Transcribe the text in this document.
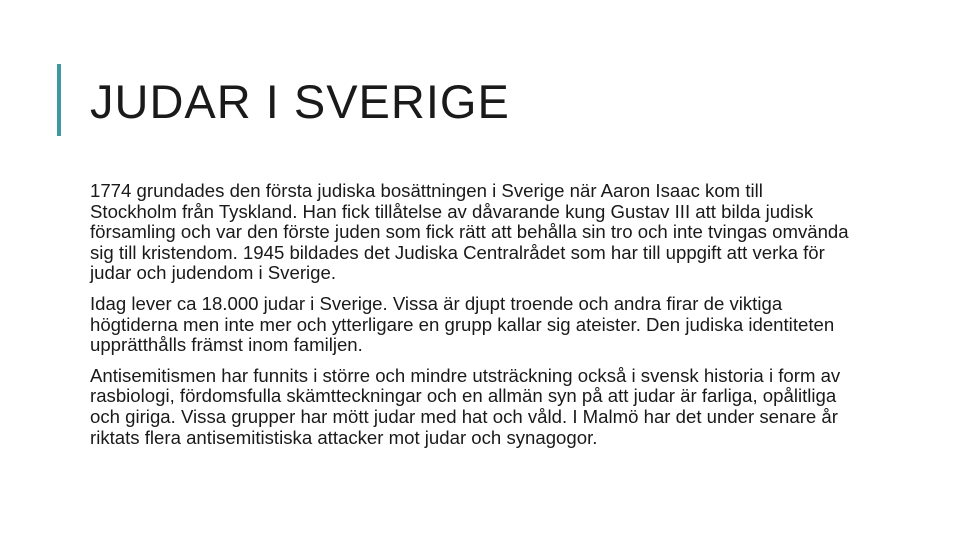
JUDAR I SVERIGE

1774 grundades den första judiska bosättningen i Sverige när Aaron Isaac kom till Stockholm från Tyskland. Han fick tillåtelse av dåvarande kung Gustav III att bilda judisk församling och var den förste juden som fick rätt att behålla sin tro och inte tvingas omvända sig till kristendom. 1945 bildades det Judiska Centralrådet som har till uppgift att verka för judar och judendom i Sverige.

Idag lever ca 18.000 judar i Sverige. Vissa är djupt troende och andra firar de viktiga högtiderna men inte mer och ytterligare en grupp kallar sig ateister. Den judiska identiteten upprätthålls främst inom familjen.

Antisemitismen har funnits i större och mindre utsträckning också i svensk historia i form av rasbiologi, fördomsfulla skämtteckningar och en allmän syn på att judar är farliga, opålitliga och giriga. Vissa grupper har mött judar med hat och våld. I Malmö har det under senare år riktats flera antisemitistiska attacker mot judar och synagogor.
